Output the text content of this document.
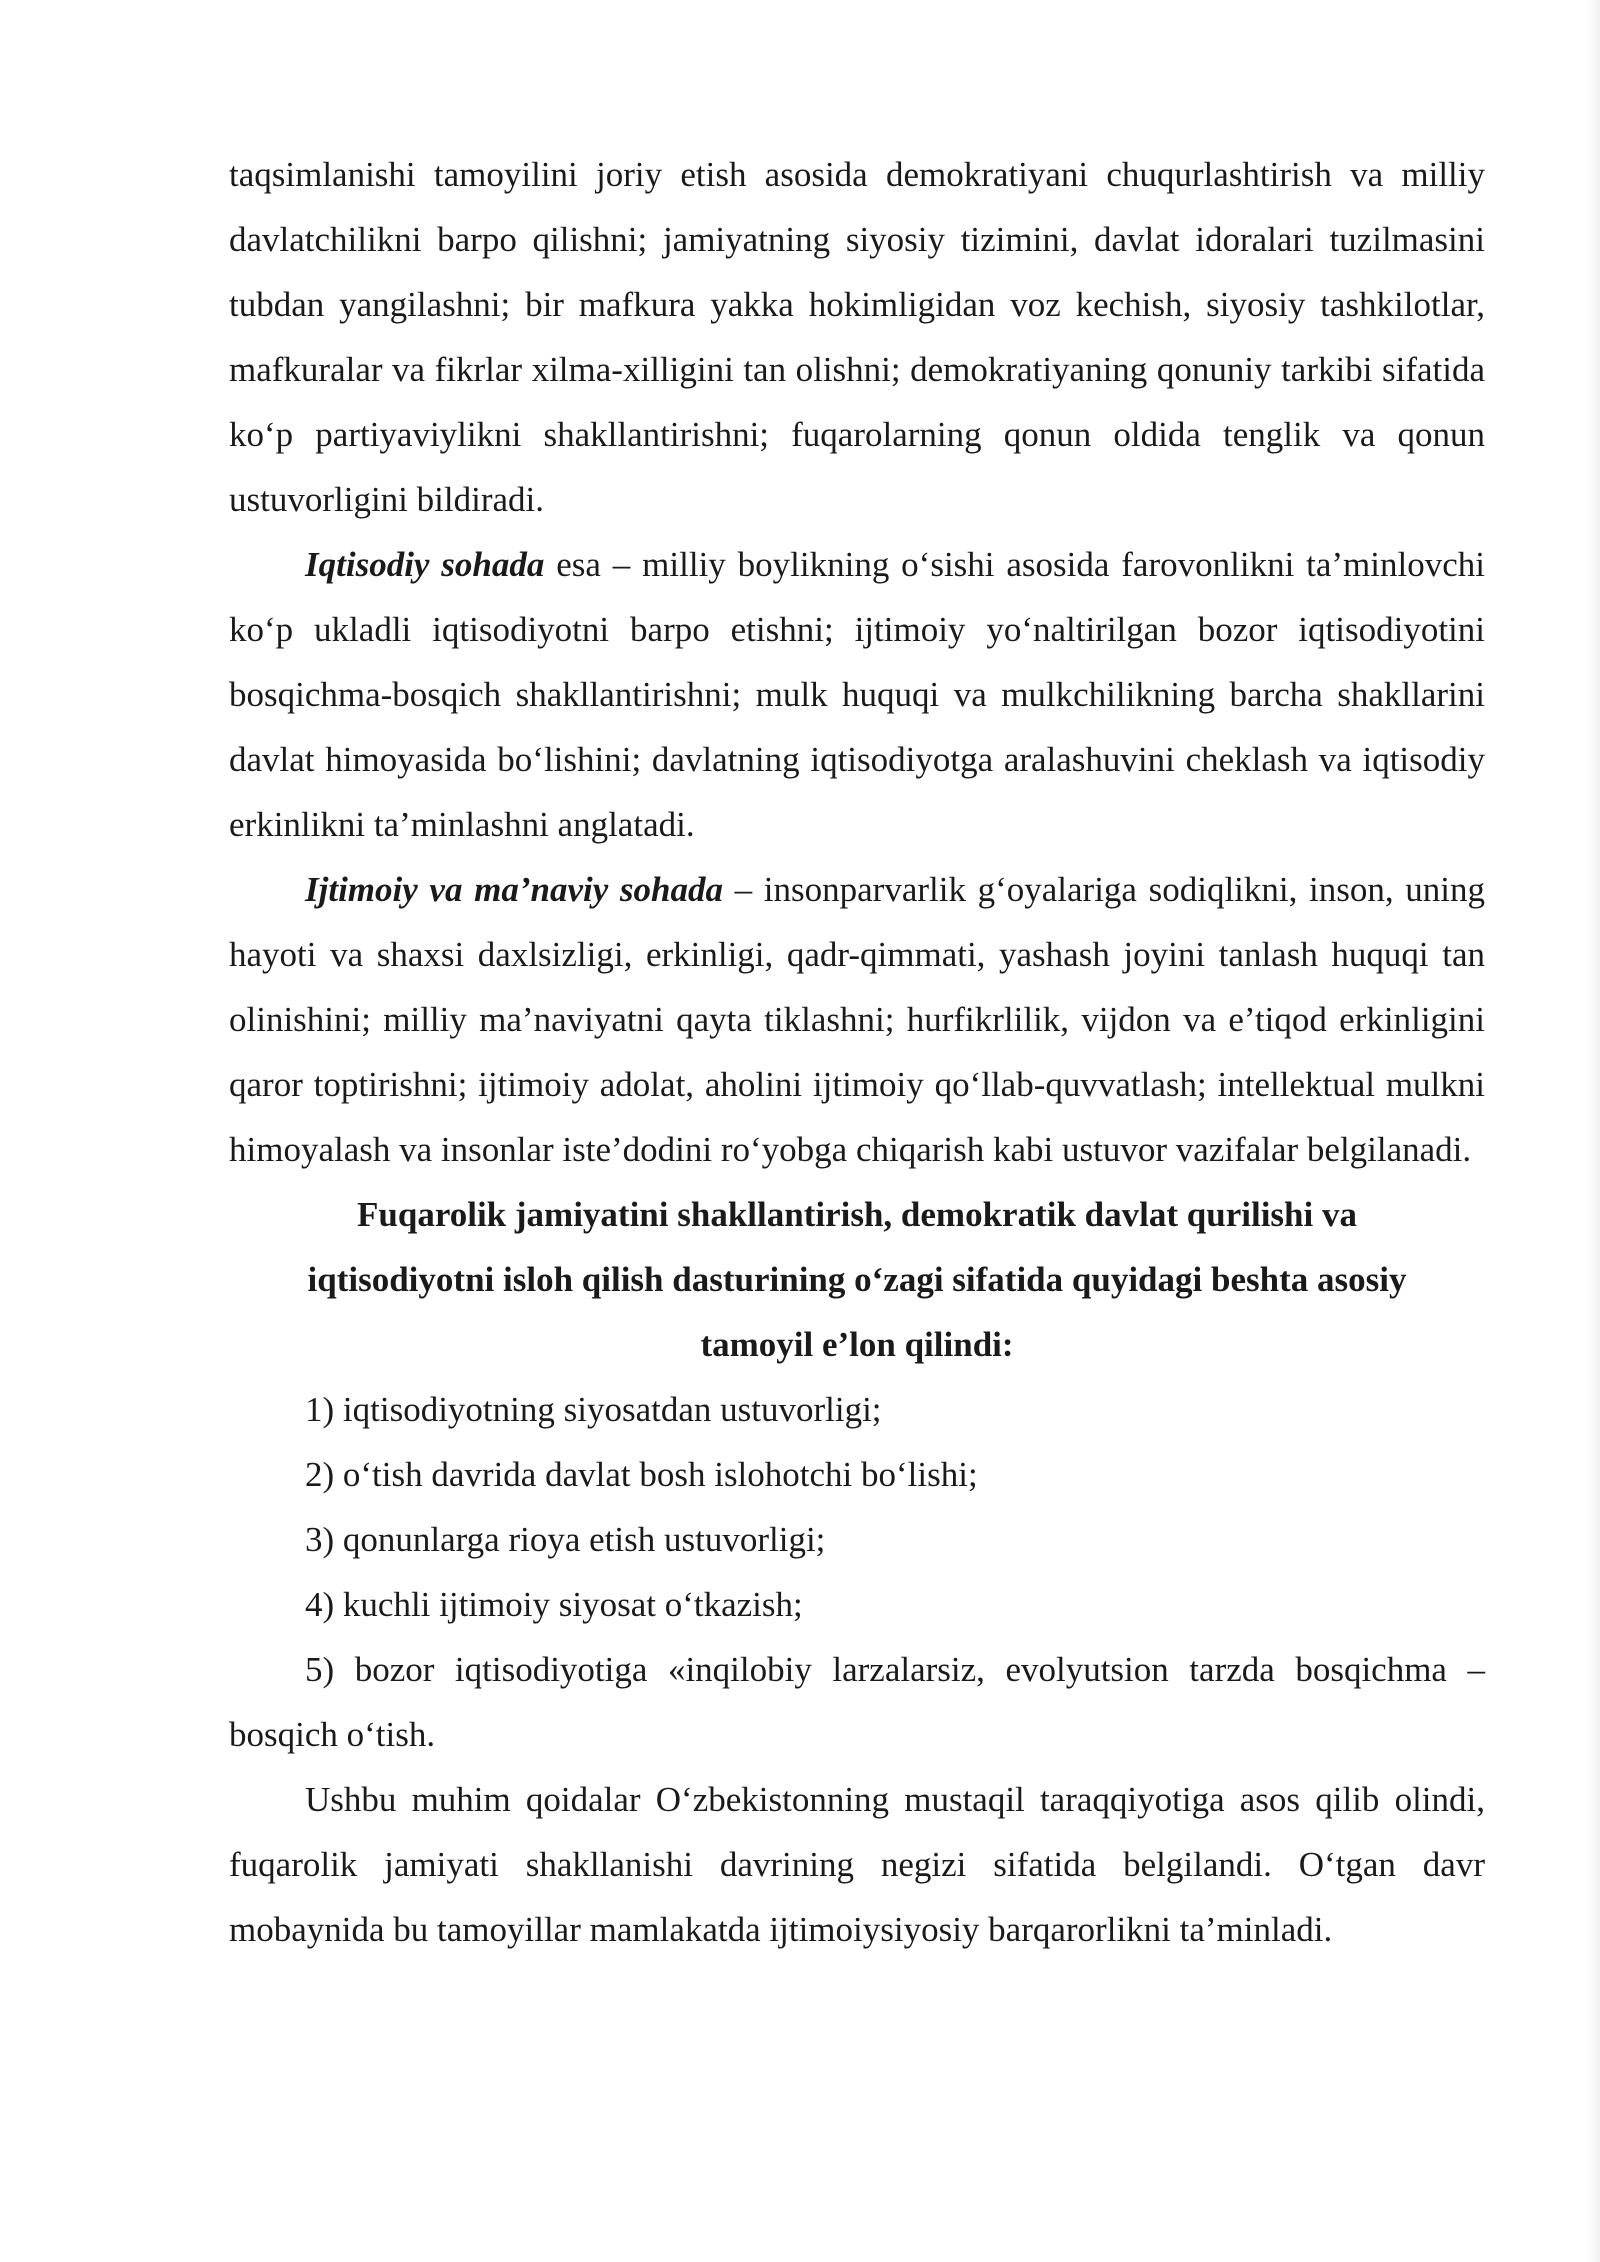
taqsimlanishi tamoyilini joriy etish asosida demokratiyani chuqurlashtirish va milliy davlatchilikni barpo qilishni; jamiyatning siyosiy tizimini, davlat idoralari tuzilmasini tubdan yangilashni; bir mafkura yakka hokimligidan voz kechish, siyosiy tashkilotlar, mafkuralar va fikrlar xilma-xilligini tan olishni; demokratiyaning qonuniy tarkibi sifatida ko‘p partiyaviylikni shakllantirishni; fuqarolarning qonun oldida tenglik va qonun ustuvorligini bildiradi.

Iqtisodiy sohada esa – milliy boylikning o‘sishi asosida farovonlikni ta’minlovchi ko‘p ukladli iqtisodiyotni barpo etishni; ijtimoiy yo‘naltirilgan bozor iqtisodiyotini bosqichma-bosqich shakllantirishni; mulk huquqi va mulkchilikning barcha shakllarini davlat himoyasida bo‘lishini; davlatning iqtisodiyotga aralashuvini cheklash va iqtisodiy erkinlikni ta’minlashni anglatadi.

Ijtimoiy va ma’naviy sohada – insonparvarlik g‘oyalariga sodiqlikni, inson, uning hayoti va shaxsi daxlsizligi, erkinligi, qadr-qimmati, yashash joyini tanlash huquqi tan olinishini; milliy ma’naviyatni qayta tiklashni; hurfikrlilik, vijdon va e’tiqod erkinligini qaror toptirishni; ijtimoiy adolat, aholini ijtimoiy qo‘llab-quvvatlash; intellektual mulkni himoyalash va insonlar iste’dodini ro‘yobga chiqarish kabi ustuvor vazifalar belgilanadi.

Fuqarolik jamiyatini shakllantirish, demokratik davlat qurilishi va iqtisodiyotni isloh qilish dasturining o‘zagi sifatida quyidagi beshta asosiy tamoyil e’lon qilindi:

1) iqtisodiyotning siyosatdan ustuvorligi;

2) o‘tish davrida davlat bosh islohotchi bo‘lishi;

3) qonunlarga rioya etish ustuvorligi;

4) kuchli ijtimoiy siyosat o‘tkazish;

5) bozor iqtisodiyotiga «inqilobiy larzalarsiz, evolyutsion tarzda bosqichma – bosqich o‘tish.

Ushbu muhim qoidalar O‘zbekistonning mustaqil taraqqiyotiga asos qilib olindi, fuqarolik jamiyati shakllanishi davrining negizi sifatida belgilandi. O‘tgan davr mobaynida bu tamoyillar mamlakatda ijtimoiysiyosiy barqarorlikni ta’minladi.
